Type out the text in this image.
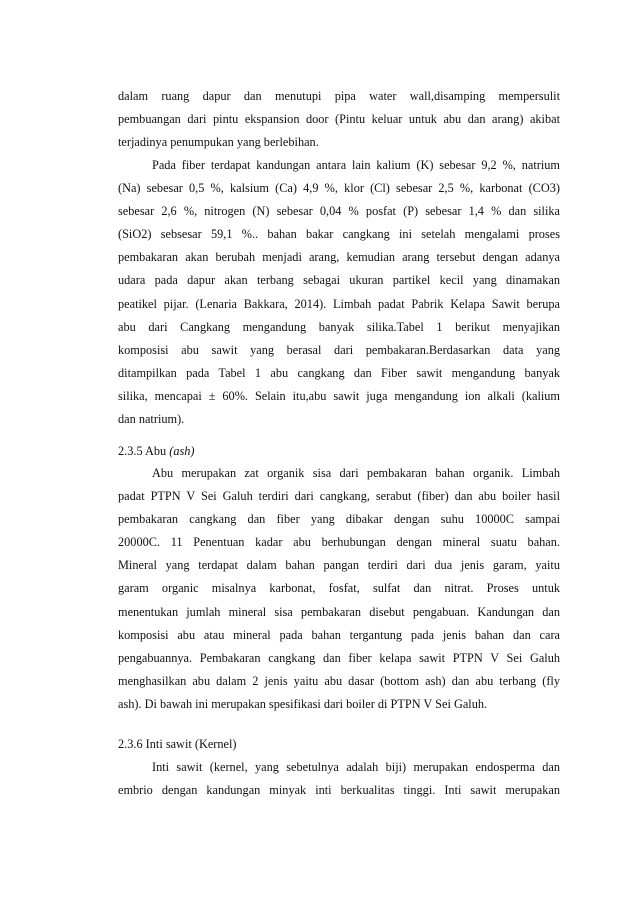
dalam ruang dapur dan menutupi pipa water wall,disamping mempersulit
pembuangan dari pintu ekspansion door (Pintu keluar untuk abu dan arang) akibat
terjadinya penumpukan yang berlebihan.
Pada fiber terdapat kandungan antara lain kalium (K) sebesar 9,2 %, natrium
(Na) sebesar 0,5 %, kalsium (Ca) 4,9 %, klor (Cl) sebesar 2,5 %, karbonat (CO3)
sebesar 2,6 %, nitrogen (N) sebesar 0,04 % posfat (P) sebesar 1,4 % dan silika
(SiO2) sebsesar 59,1 %.. bahan bakar cangkang ini setelah mengalami proses
pembakaran akan berubah menjadi arang, kemudian arang tersebut dengan adanya
udara pada dapur akan terbang sebagai ukuran partikel kecil yang dinamakan
peatikel pijar. (Lenaria Bakkara, 2014). Limbah padat Pabrik Kelapa Sawit berupa
abu dari Cangkang mengandung banyak silika.Tabel 1 berikut menyajikan
komposisi abu sawit yang berasal dari pembakaran.Berdasarkan data yang
ditampilkan pada Tabel 1 abu cangkang dan Fiber sawit mengandung banyak
silika, mencapai ± 60%. Selain itu,abu sawit juga mengandung ion alkali (kalium
dan natrium).
2.3.5 Abu (ash)
Abu merupakan zat organik sisa dari pembakaran bahan organik. Limbah
padat PTPN V Sei Galuh terdiri dari cangkang, serabut (fiber) dan abu boiler hasil
pembakaran cangkang dan fiber yang dibakar dengan suhu 10000C sampai
20000C. 11 Penentuan kadar abu berhubungan dengan mineral suatu bahan.
Mineral yang terdapat dalam bahan pangan terdiri dari dua jenis garam, yaitu
garam organic misalnya karbonat, fosfat, sulfat dan nitrat. Proses untuk
menentukan jumlah mineral sisa pembakaran disebut pengabuan. Kandungan dan
komposisi abu atau mineral pada bahan tergantung pada jenis bahan dan cara
pengabuannya. Pembakaran cangkang dan fiber kelapa sawit PTPN V Sei Galuh
menghasilkan abu dalam 2 jenis yaitu abu dasar (bottom ash) dan abu terbang (fly
ash). Di bawah ini merupakan spesifikasi dari boiler di PTPN V Sei Galuh.
2.3.6 Inti sawit (Kernel)
Inti sawit (kernel, yang sebetulnya adalah biji) merupakan endosperma dan
embrio dengan kandungan minyak inti berkualitas tinggi. Inti sawit merupakan
